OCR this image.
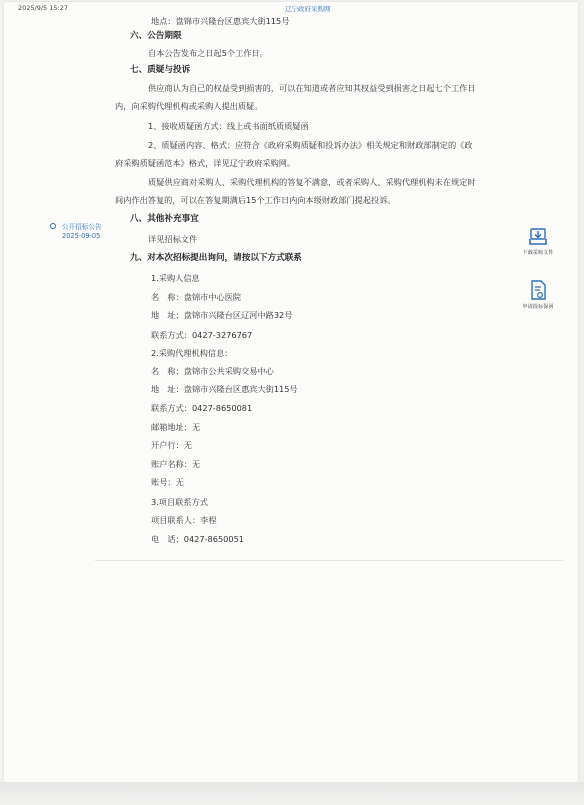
2025/9/5 15:27	辽宁政府采购网
公开招标公告
2025-09-05
下载采购文件
申请投标保函
地点：盘锦市兴隆台区惠宾大街115号
六、公告期限
自本公告发布之日起5个工作日。
七、质疑与投诉
供应商认为自己的权益受到损害的，可以在知道或者应知其权益受到损害之日起七个工作日
内，向采购代理机构或采购人提出质疑。
1、接收质疑函方式：线上或书面纸质质疑函
2、质疑函内容、格式：应符合《政府采购质疑和投诉办法》相关规定和财政部制定的《政
府采购质疑函范本》格式，详见辽宁政府采购网。
质疑供应商对采购人、采购代理机构的答复不满意，或者采购人、采购代理机构未在规定时
间内作出答复的，可以在答复期满后15个工作日内向本级财政部门提起投诉。
八、其他补充事宜
详见招标文件
九、对本次招标提出询问，请按以下方式联系
1.采购人信息
名　称：盘锦市中心医院
地　址：盘锦市兴隆台区辽河中路32号
联系方式：0427-3276767
2.采购代理机构信息：
名　称：盘锦市公共采购交易中心
地　址：盘锦市兴隆台区惠宾大街115号
联系方式：0427-8650081
邮箱地址：无
开户行：无
账户名称：无
账号：无
3.项目联系方式
项目联系人：李程
电　话：0427-8650051
